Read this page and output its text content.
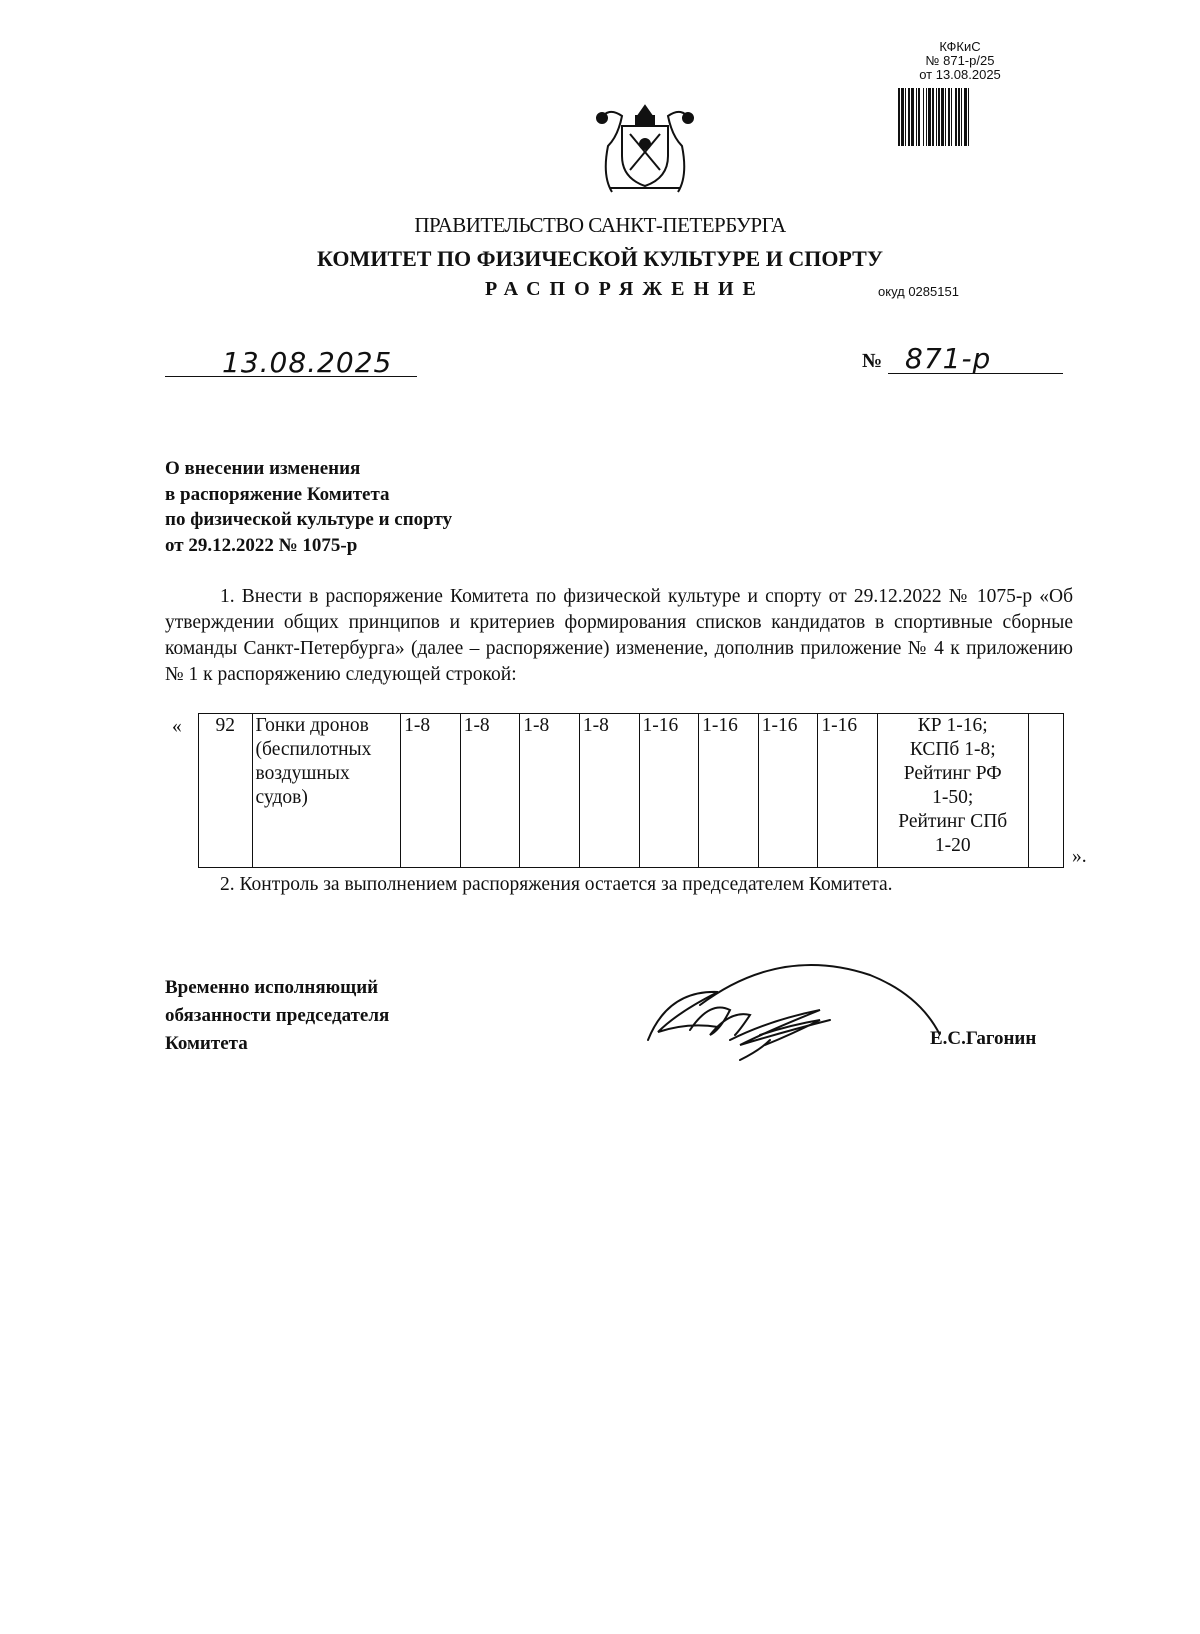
КФКиС
№ 871-р/25
от 13.08.2025
ПРАВИТЕЛЬСТВО САНКТ-ПЕТЕРБУРГА
КОМИТЕТ ПО ФИЗИЧЕСКОЙ КУЛЬТУРЕ И СПОРТУ
РАСПОРЯЖЕНИЕ	окуд 0285151
13.08.2025	№ 871-р
О внесении изменения
в распоряжение Комитета
по физической культуре и спорту
от 29.12.2022 № 1075-р
1. Внести в распоряжение Комитета по физической культуре и спорту от 29.12.2022 № 1075-р «Об утверждении общих принципов и критериев формирования списков кандидатов в спортивные сборные команды Санкт-Петербурга» (далее – распоряжение) изменение, дополнив приложение № 4 к приложению № 1 к распоряжению следующей строкой:
« 92	Гонки дронов (беспилотных воздушных судов)	1-8	1-8	1-8	1-8	1-16	1-16	1-16	1-16	КР 1-16;
КСПб 1-8;
Рейтинг РФ
1-50;
Рейтинг СПб
1-20

».
2. Контроль за выполнением распоряжения остается за председателем Комитета.
Временно исполняющий
обязанности председателя
Комитета	Е.С.Гагонин
